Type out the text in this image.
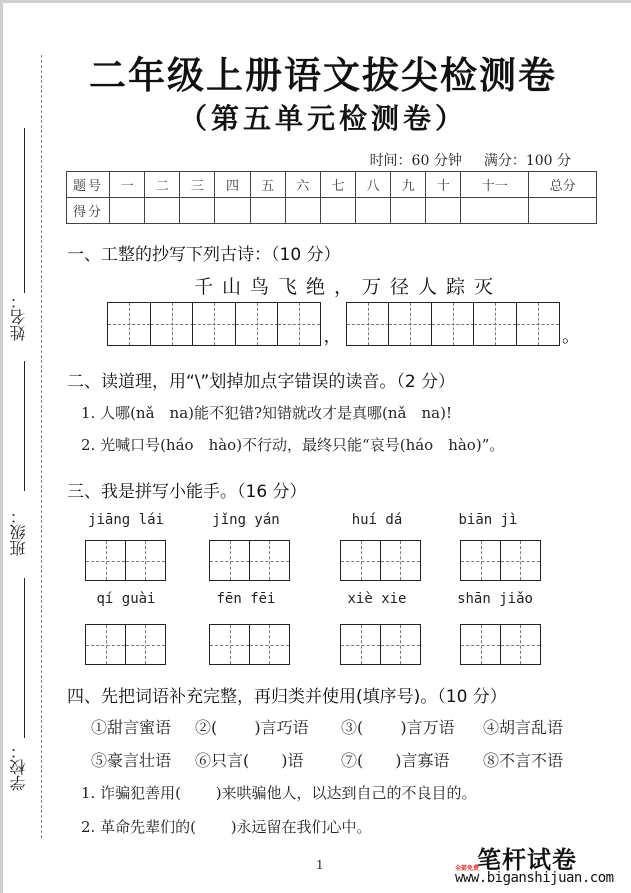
姓名：
班级：
学校：
二年级上册语文拔尖检测卷
（第五单元检测卷）
时间：60 分钟 满分：100 分
题号	一	二	三	四	五	六	七	八	九	十	十一	总分
得分												
一、工整的抄写下列古诗：（10 分）
千山鸟飞绝，万径人踪灭
，	。
二、读道理，用“\”划掉加点字错误的读音。（2 分）
1. 人哪(nǎ　na)能不犯错?知错就改才是真哪(nǎ　na)!
2. 光喊口号(háo　hào)不行动，最终只能“哀号(háo　hào)”。
三、我是拼写小能手。（16 分）
jiāng lái	jǐng yán	huí dá	biān jì
qí guài	fēn fēi	xiè xie	shān jiǎo
四、先把词语补充完整，再归类并使用(填序号)。（10 分）
①甜言蜜语	②(　　 )言巧语	③(　　 )言万语	④胡言乱语
⑤豪言壮语	⑥只言(　　)语	⑦(　　)言寡语	⑧不言不语
1. 诈骗犯善用(　　 )来哄骗他人，以达到自己的不良目的。
2. 革命先辈们的(　　 )永远留在我们心中。
1	笔杆试卷
全部免费
www.biganshijuan.com
